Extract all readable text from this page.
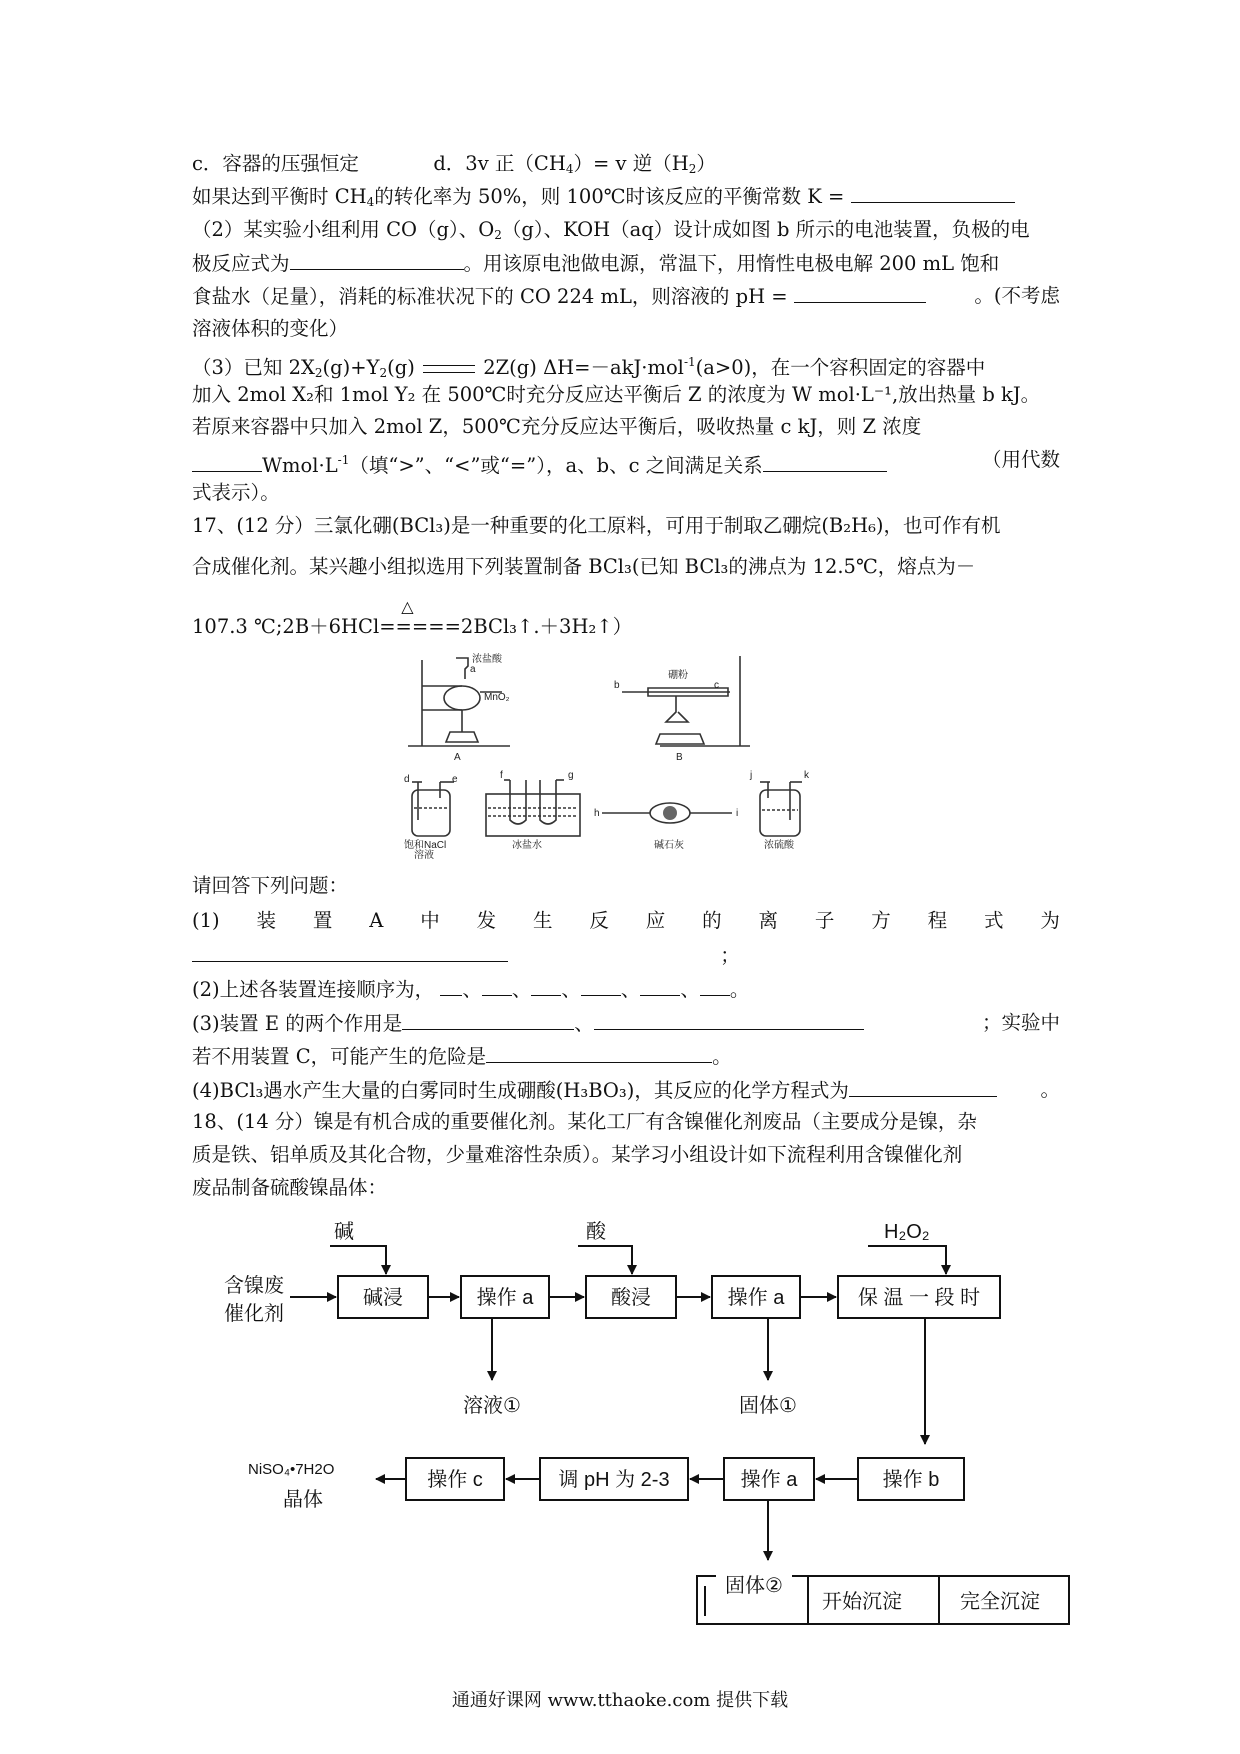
c．容器的压强恒定	d．3v 正$(CH_4)= v$ 逆$(H_2)$
如果达到平衡时 $CH_4$的转化率为 50%，则 100℃时该反应的平衡常数 K =
（2）某实验小组利用 CO（g）、$O_2(g)$、KOH（aq）设计成如图 b 所示的电池装置，负极的电
极反应式为	。用该原电池做电源，常温下，用惰性电极电解 200 mL 饱和
食盐水（足量），消耗的标准状况下的 CO 224 mL，则溶液的 pH =	。(不考虑
溶液体积的变化）
（3）已知 $2X_2(g)+Y_2(g)$	2Z(g) ΔH=－akJ·mol$^{-1}$(a>0)，在一个容积固定的容器中
加入 2mol X₂和 1mol Y₂ 在 500℃时充分反应达平衡后 Z 的浓度为 W mol·L⁻¹,放出热量 b kJ。
若原来容器中只加入 2mol Z，500℃充分反应达平衡后，吸收热量 c kJ，则 Z 浓度
$Wmol\cdot L^{-1}$（填“>”、“<”或“=”），a、b、c 之间满足关系	（用代数
式表示）。
17、(12 分）三氯化硼(BCl₃)是一种重要的化工原料，可用于制取乙硼烷(B₂H₆)，也可作有机
合成催化剂。某兴趣小组拟选用下列装置制备 BCl₃(已知 BCl₃的沸点为 12.5℃，熔点为－
107.3 ℃;2B＋6HCl
△
=====2BCl₃↑.＋3H₂↑）
浓盐酸
a
MnO₂
A
硼粉
b	c
B
d	e
饱和NaCl
溶液
f	g
冰盐水
h	i
碱石灰
j	k
浓硫酸
请回答下列问题：
(1) 装 置 A 中 发 生 反 应 的 离 子 方 程 式 为
；
(2)上述各装置连接顺序为， 、 、 、 、 、 。
(3)装置 E 的两个作用是	、	；实验中
若不用装置 C，可能产生的危险是	。
(4)BCl₃遇水产生大量的白雾同时生成硼酸(H₃BO₃)，其反应的化学方程式为	。
18、(14 分）镍是有机合成的重要催化剂。某化工厂有含镍催化剂废品（主要成分是镍，杂
质是铁、铝单质及其化合物，少量难溶性杂质）。某学习小组设计如下流程利用含镍催化剂
废品制备硫酸镍晶体：
碱	酸	H₂O₂
含镍废
催化剂
碱浸	操作 a	酸浸	操作 a	保 温 一 段 时
溶液①	固体①
操作 b
操作 a
调 pH 为 2-3
操作 c
固体②
开始沉淀	完全沉淀
NiSO₄•7H2O
晶体
通通好课网 www.tthaoke.com 提供下载
